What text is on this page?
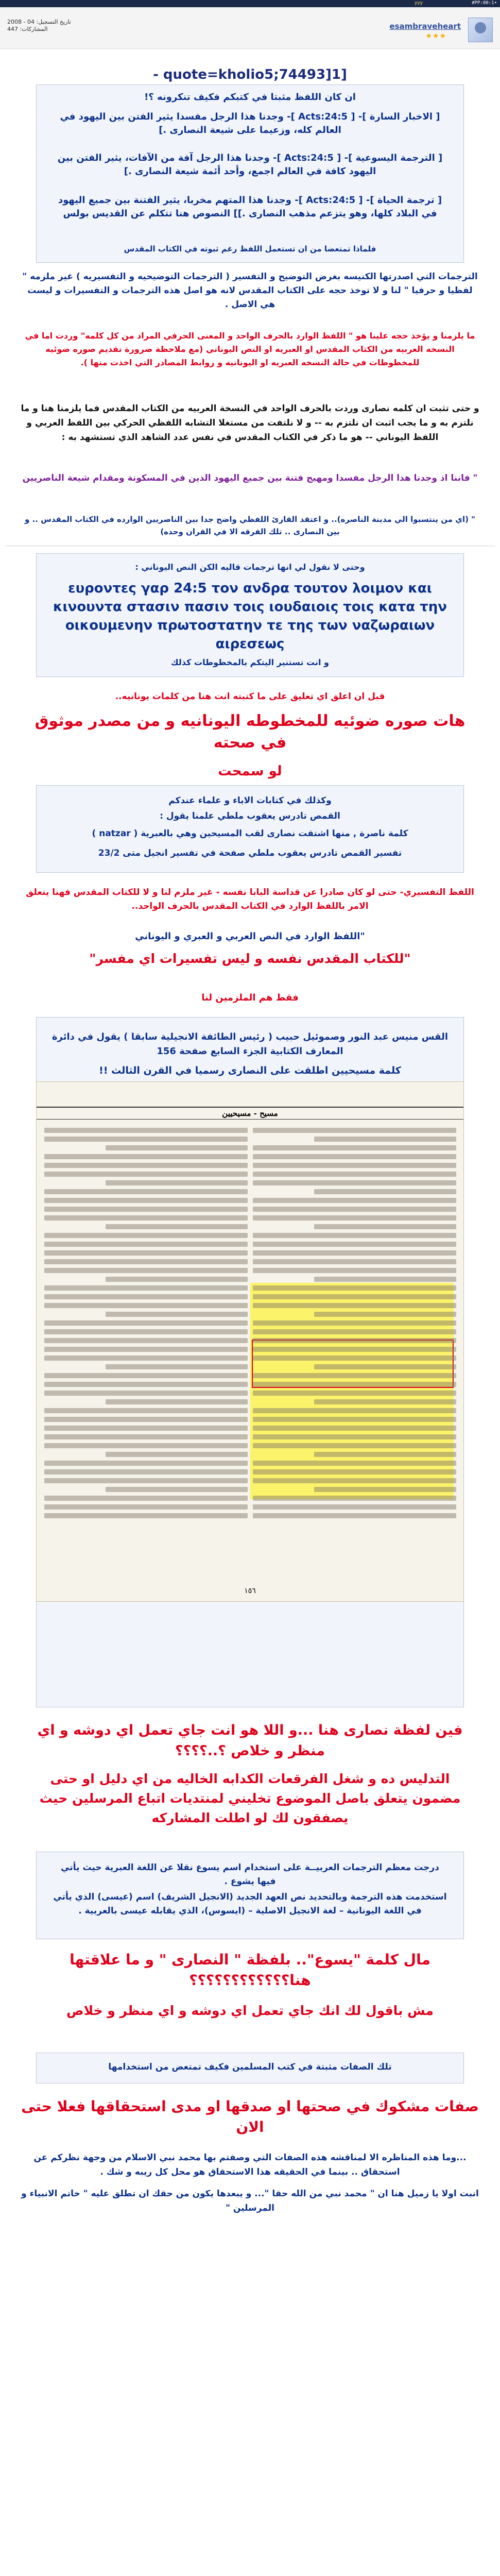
yyy	#PP:00:1•
تاريخ التسجيل: 04 - 2008
المشاركات: 447	esambraveheart
★★★
- quote=kholio5;74493]1]
ان كان اللفظ مثبتا في كتبكم فكيف تنكرونه ؟!
[ الاخبار السارة ]- [ Acts:24:5 ]- وجدنا هذا الرجل مفسدا يثير الفتن بين اليهود في العالم كله، وزعيما على شيعة النصارى .]
[ الترجمة اليسوعية ]- [ Acts:24:5 ]- وجدنا هذا الرجل آفة من الآفات، يثير الفتن بين اليهود كافة في العالم اجمع، وأحد أئمة شيعة النصارى .]
[ ترجمة الحياة ]- [ Acts:24:5 ]- وجدنا هذا المتهم مخربا، يثير الفتنة بين جميع اليهود في البلاد كلها، وهو يتزعم مذهب النصارى .]] النصوص هنا تتكلم عن القديس بولس
فلماذا تمتعضا من ان تستعمل اللفظ رغم ثبوته في الكتاب المقدس
الترجمات التي اصدرتها الكنيسه بغرض التوضيح و التفسير ( الترجمات التوضيحيه و التفسيريه ) غير ملزمه " لفظيا و حرفيا " لنا و لا توخذ حجه على الكتاب المقدس لانه هو اصل هذه الترجمات و التفسيرات و ليست هي الاصل .
ما يلزمنا و يؤخذ حجه علينا هو " اللفظ الوارد بالحرف الواحد و المعنى الحرفي المراد من كل كلمه" وردت اما في النسخه العربيه من الكتاب المقدس او العبريه او النص اليوناني (مع ملاحظة ضرورة تقديم صوره ضوئيه للمخطوطات في حالة النسخه العبريه او اليونانيه و روابط المصادر التي اخذت منها ).
و حتى تثبت ان كلمه نصارى وردت بالحرف الواحد في النسخة العربيه من الكتاب المقدس فما يلزمنا هنا و ما نلتزم به و ما يجب اثبت ان نلتزم به -- و لا نلتفت من مستغلا التشابه اللفظي الحركي بين اللفظ العربي و اللفظ اليوناني -- هو ما ذكر في الكتاب المقدس في نفس عدد الشاهد الذي تستشهد به :
" فاننا اذ وجدنا هذا الرجل مفسدا ومهيج فتنة بين جميع اليهود الذين في المسكونة ومقدام شيعة الناصريين
" (اي من ينتسبوا الي مدينة الناصره).. و اعتقد القارئ اللفظي واضح جدا بين الناصريين الوارده في الكتاب المقدس .. و بين النصارى .. تلك الفرقه الا في القران وحده)
وحتى لا نقول لي انها ترجمات قاليه الكن النص اليوناني :
ευροντες γαρ 24:5 τον ανδρα τουτον λοιμον και κινουντα στασιν πασιν τοις ιουδαιοις τοις κατα την οικουμενην πρωτοστατην τε της των ναζωραιων αιρεσεως
و انت تستنير اليتكم بالمخطوطات كذلك
قبل ان اعلق اي تعليق على ما كتبته انت هنا من كلمات يونانيه..
هات صوره ضوئيه للمخطوطه اليونانيه و من مصدر موثوق في صحته
لو سمحت
وكذلك في كتابات الاباء و علماء عندكم
القمص تادرس يعقوب ملطي علمنا يقول :
كلمة ناصرة , منها اشتقت نصارى لقب المسيحين وهي بالعبرية ( natzar )
تفسير القمص تادرس يعقوب ملطي صفحة في تفسير انجيل متى 23/2
اللفظ التفسيري- حتى لو كان صادرا عن قداسة البابا نفسه - غير ملزم لنا و لا للكتاب المقدس فهنا يتعلق الامر باللفظ الوارد في الكتاب المقدس بالحرف الواحد..
"اللفظ الوارد في النص العربي و العبري و اليوناني
"للكتاب المقدس نفسه و ليس تفسيرات اي مفسر"
فقط هم الملزمين لنا
القس منيس عبد النور وصموئيل حبيب ( رئيس الطائفة الانجيلية سابقا ) يقول في دائرة المعارف الكتابية الجزء السابع صفحة 156
كلمة مسيحيين اطلقت على النصارى رسميا في القرن الثالث !!
مسيح - مسيحيين
١٥٦
فين لفظة نصارى هنا ...و اللا هو انت جاي تعمل اي دوشه و اي منظر و خلاص ؟..؟؟؟؟
التدليس ده و شغل الفرقعات الكدابه الخاليه من اي دليل او حتى مضمون يتعلق باصل الموضوع تخليني لمنتديات اتباع المرسلين حيث يصفقون لك لو اطلت المشاركه
درجت معظم الترجمات العربيــة على استخدام اسم يسوع نقلا عن اللغة العبرية حيث يأتي فيها يشوع .
استخدمت هذه الترجمة وبالتحديد نص العهد الجديد (الانجيل الشريف) اسم (عيسى) الذي يأتي في اللغة اليونانية – لغة الانجيل الاصلية – (ايسوس)، الذي يقابله عيسى بالعربية .
مال كلمة "يسوع".. بلفظة " النصارى " و ما علاقتها هنا؟؟؟؟؟؟؟؟؟؟؟؟
مش باقول لك انك جاي تعمل اي دوشه و اي منظر و خلاص
تلك الصفات مثبتة في كتب المسلمين فكيف تمتعض من استخدامها
صفات مشكوك في صحتها او صدقها او مدى استحقاقها فعلا حتى الان
...وما هذه المناظره الا لمناقشه هذه الصفات التي وصفتم بها محمد نبي الاسلام من وجهة نظركم عن استحقاق .. بينما في الحقيقه هذا الاستحقاق هو محل كل ريبه و شك .
انبت اولا يا زميل هنا ان " محمد نبي من الله حقا "... و يبعدها يكون من حقك ان تطلق عليه " خاتم الانبياء و المرسلين "
